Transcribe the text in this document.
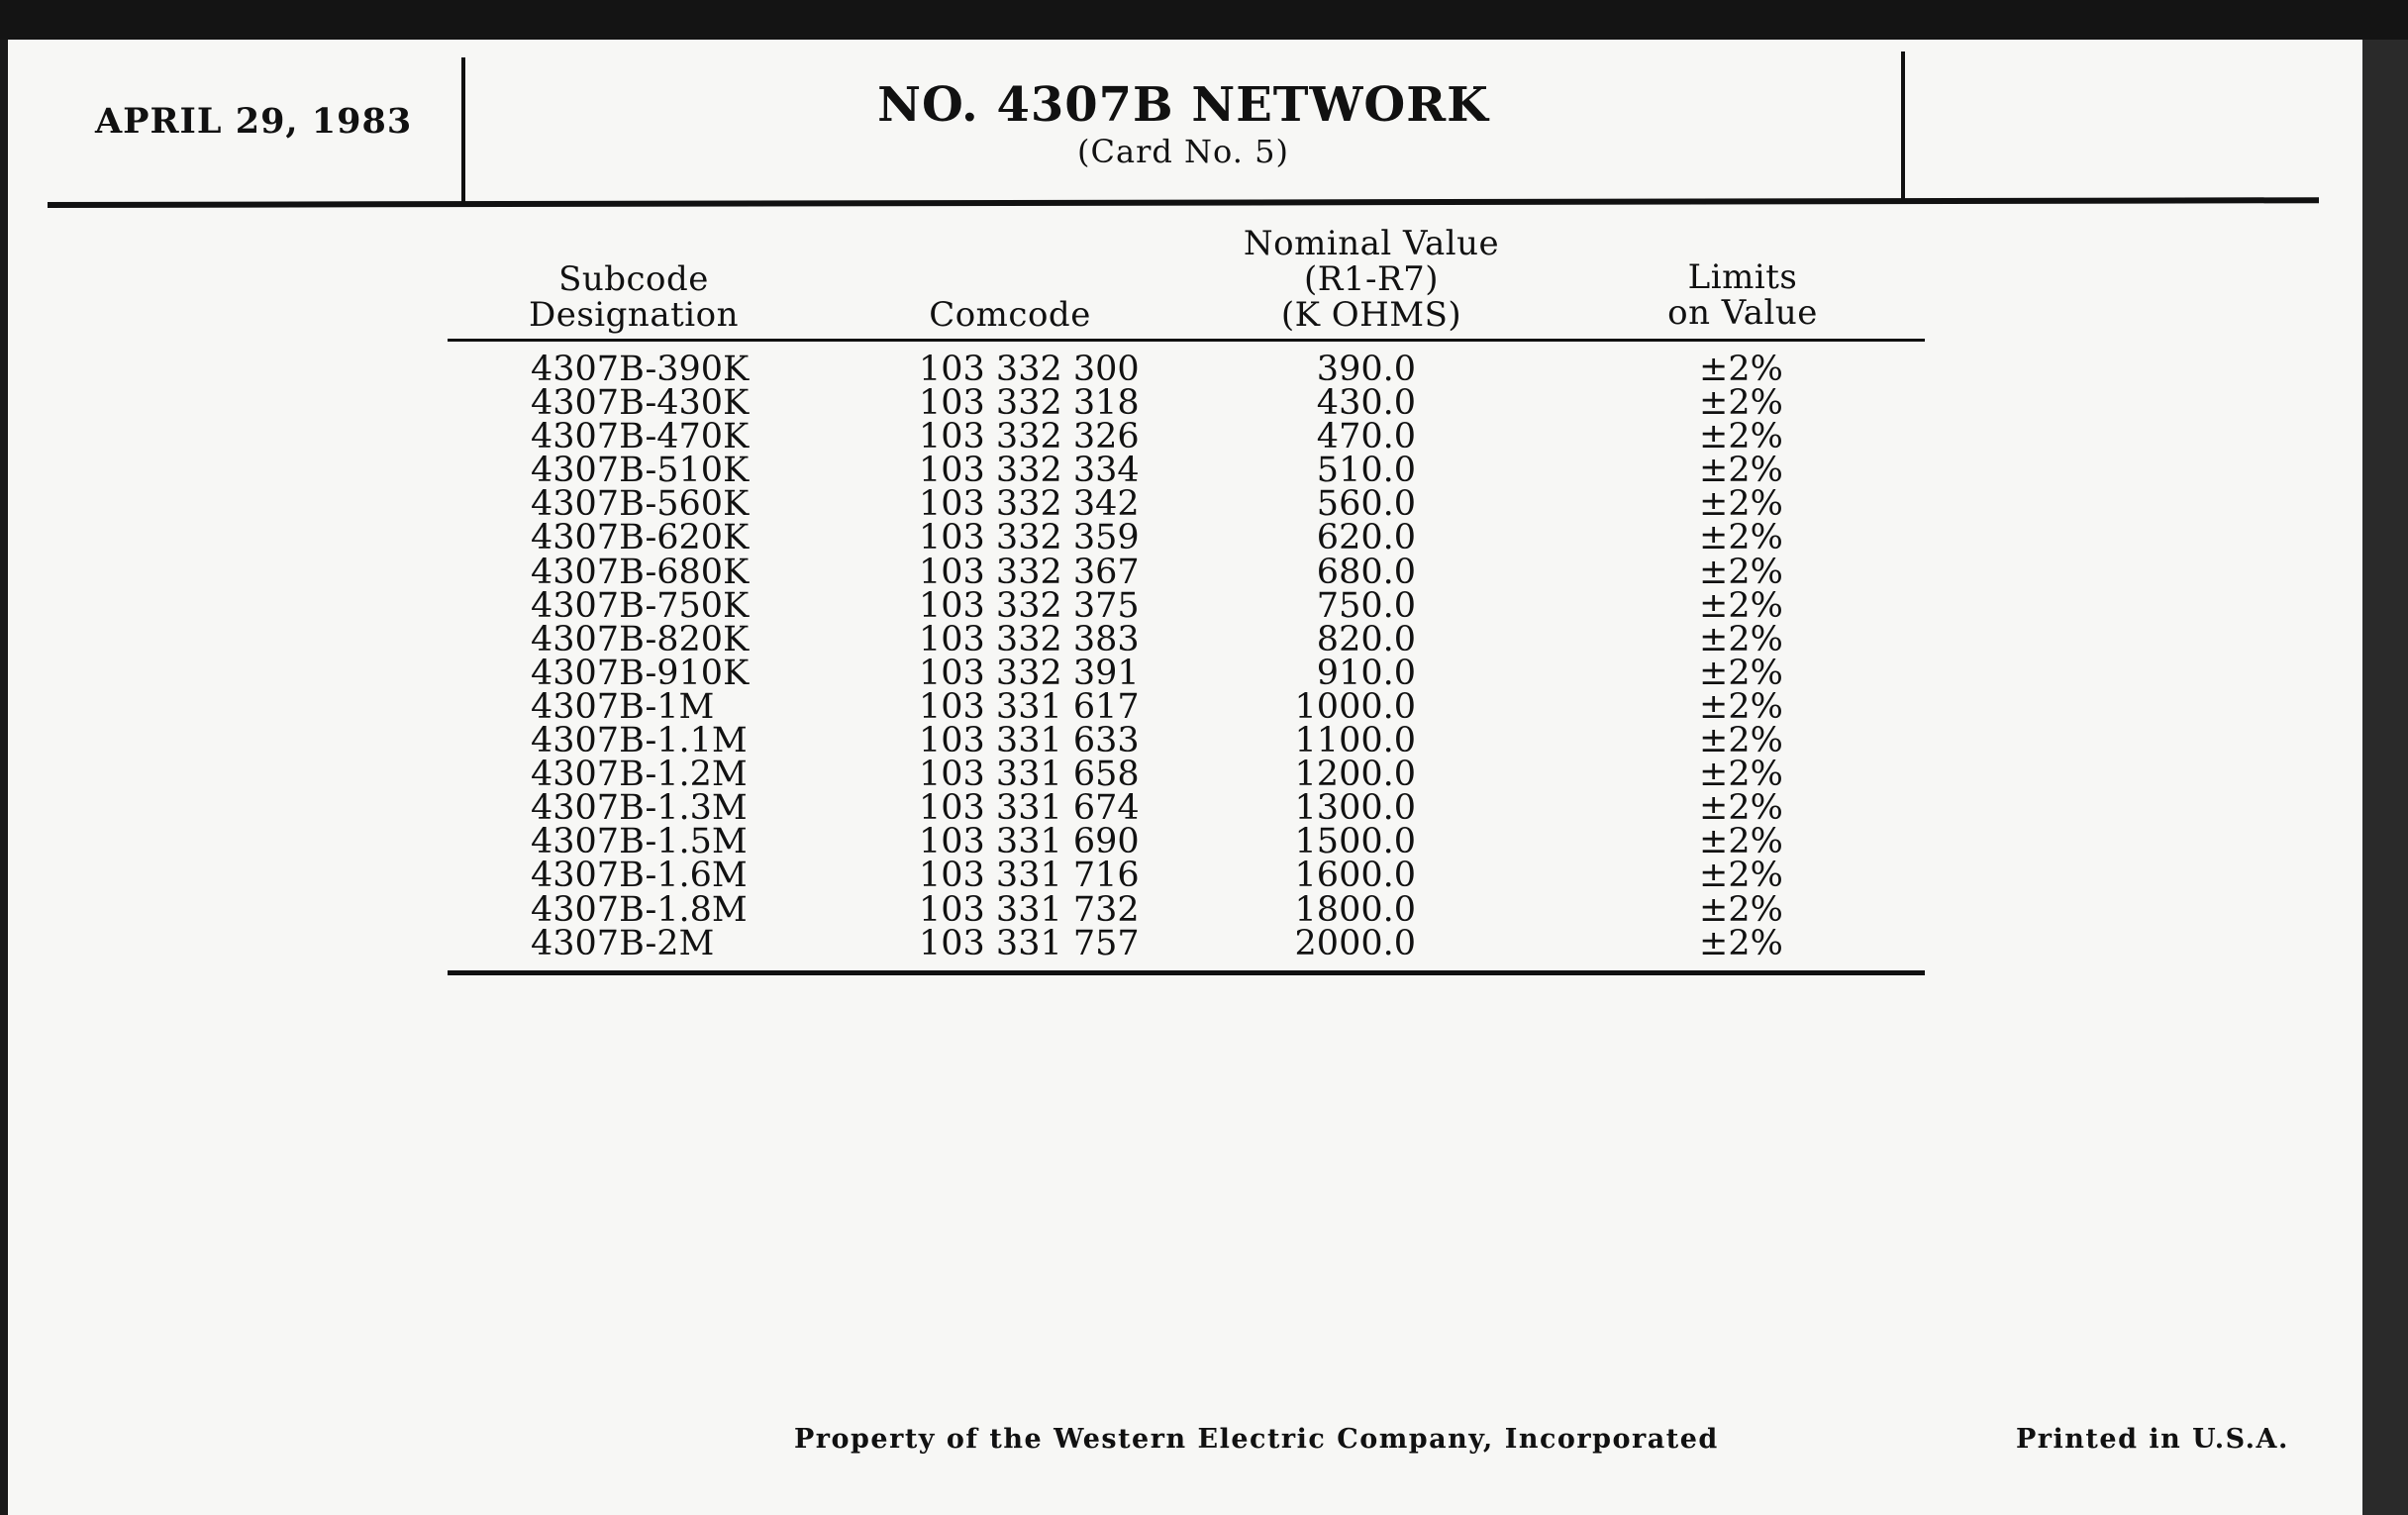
APRIL 29, 1983	NO. 4307B NETWORK
(Card No. 5)
Subcode
Designation	Comcode
Nominal Value
(R1-R7)
(K OHMS)
Limits
on Value
4307B-390K	103 332 300	390.0	±2%
4307B-430K	103 332 318	430.0	±2%
4307B-470K	103 332 326	470.0	±2%
4307B-510K	103 332 334	510.0	±2%
4307B-560K	103 332 342	560.0	±2%
4307B-620K	103 332 359	620.0	±2%
4307B-680K	103 332 367	680.0	±2%
4307B-750K	103 332 375	750.0	±2%
4307B-820K	103 332 383	820.0	±2%
4307B-910K	103 332 391	910.0	±2%
4307B-1M	103 331 617	1000.0	±2%
4307B-1.1M	103 331 633	1100.0	±2%
4307B-1.2M	103 331 658	1200.0	±2%
4307B-1.3M	103 331 674	1300.0	±2%
4307B-1.5M	103 331 690	1500.0	±2%
4307B-1.6M	103 331 716	1600.0	±2%
4307B-1.8M	103 331 732	1800.0	±2%
4307B-2M	103 331 757	2000.0	±2%
Property of the Western Electric Company, Incorporated	Printed in U.S.A.
